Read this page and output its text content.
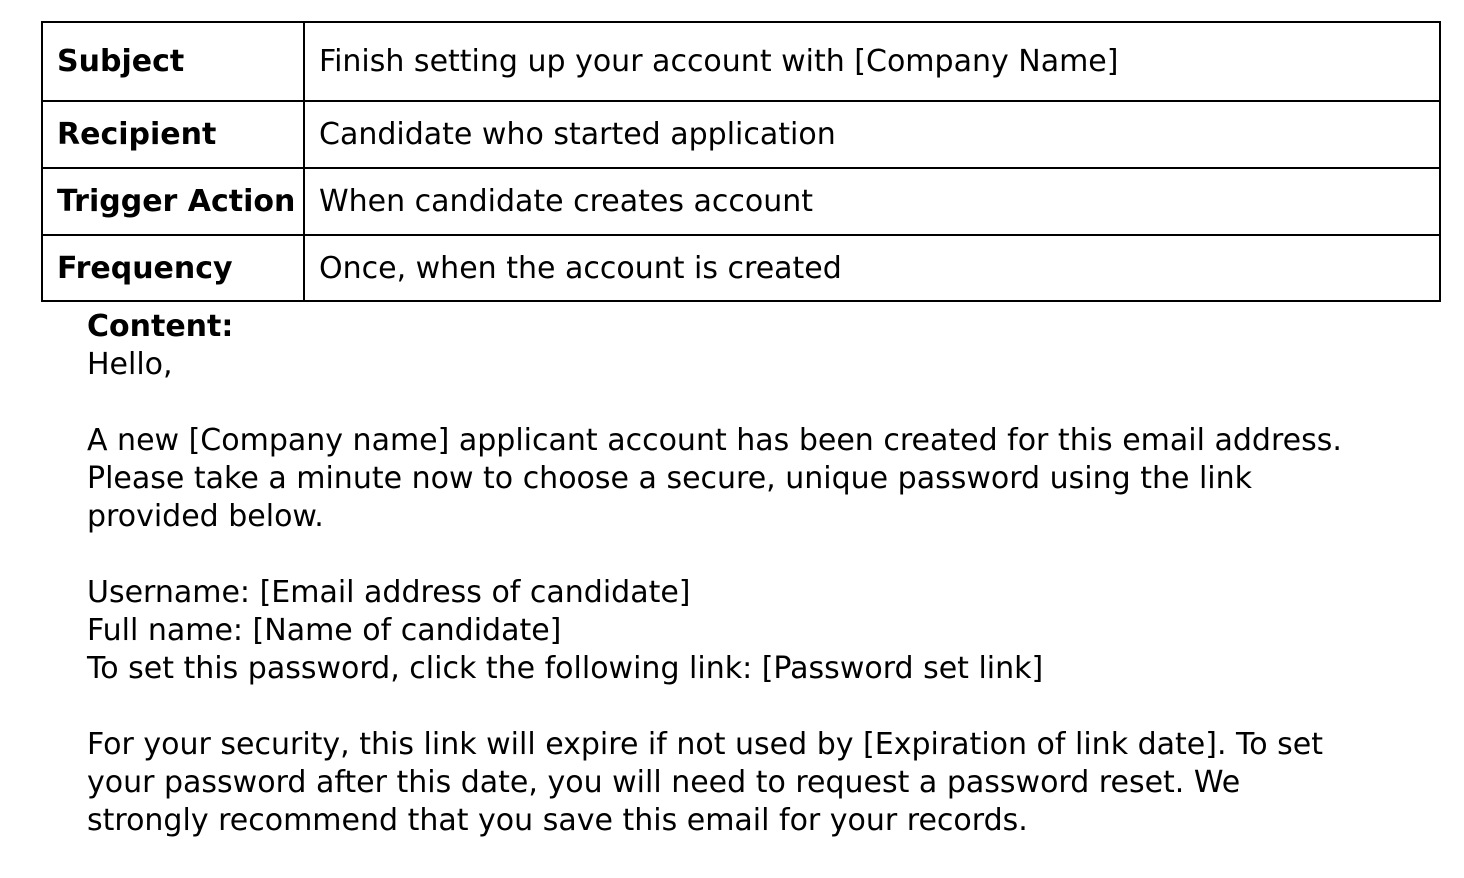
Subject	Finish setting up your account with [Company Name]
Recipient	Candidate who started application
Trigger Action	When candidate creates account
Frequency	Once, when the account is created
Content:

Hello,

A new [Company name] applicant account has been created for this email address.

Please take a minute now to choose a secure, unique password using the link

provided below.

Username: [Email address of candidate]

Full name: [Name of candidate]

To set this password, click the following link: [Password set link]

For your security, this link will expire if not used by [Expiration of link date]. To set

your password after this date, you will need to request a password reset. We

strongly recommend that you save this email for your records.
